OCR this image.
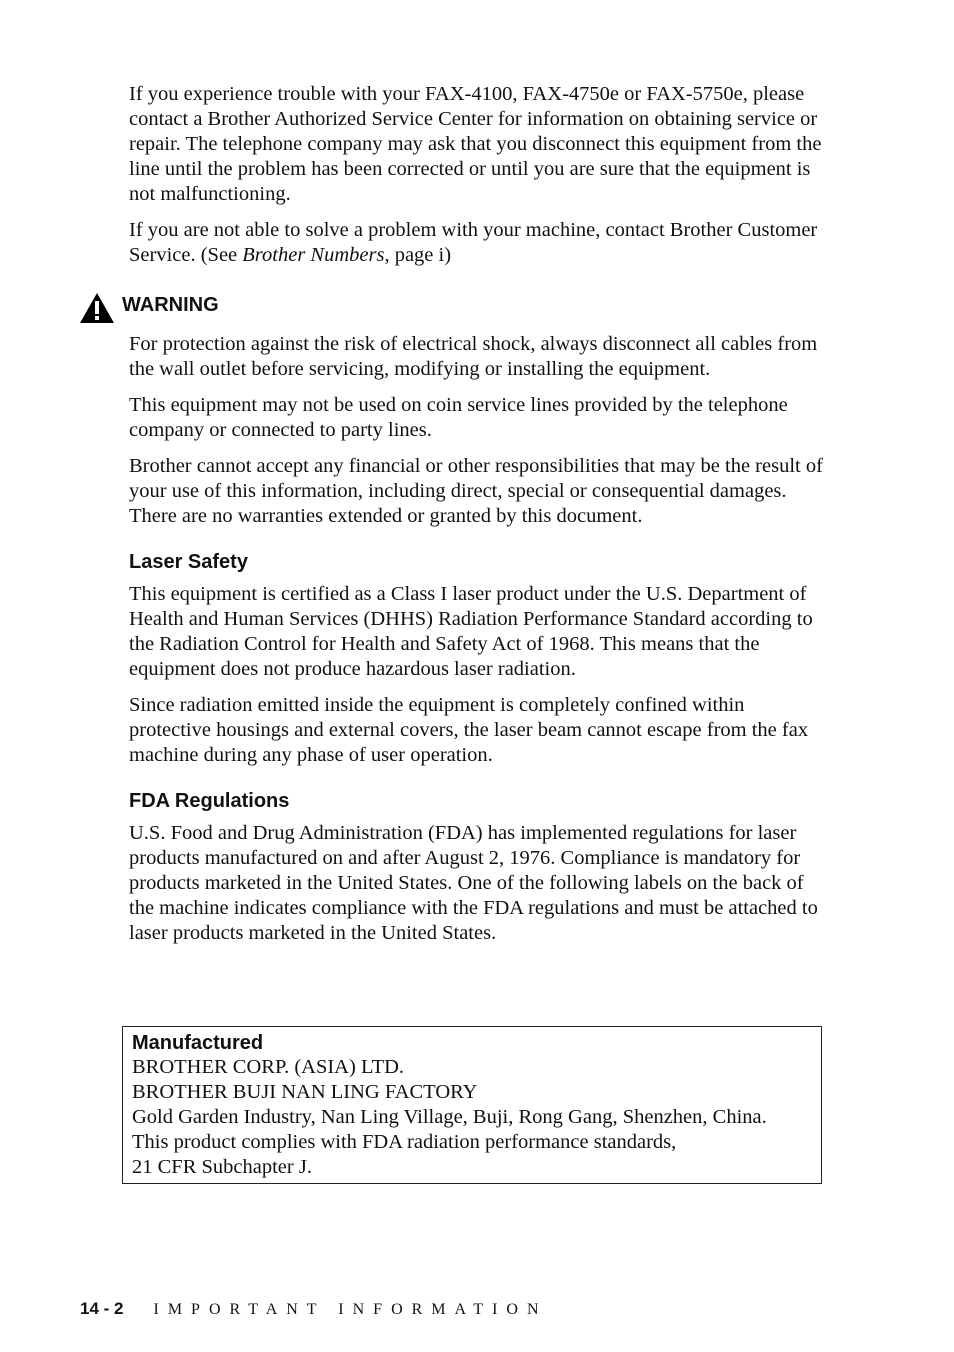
If you experience trouble with your FAX-4100, FAX-4750e or FAX-5750e, please contact a Brother Authorized Service Center for information on obtaining service or repair. The telephone company may ask that you disconnect this equipment from the line until the problem has been corrected or until you are sure that the equipment is not malfunctioning.

If you are not able to solve a problem with your machine, contact Brother Customer Service. (See Brother Numbers, page i)

WARNING

For protection against the risk of electrical shock, always disconnect all cables from the wall outlet before servicing, modifying or installing the equipment.

This equipment may not be used on coin service lines provided by the telephone company or connected to party lines.

Brother cannot accept any financial or other responsibilities that may be the result of your use of this information, including direct, special or consequential damages. There are no warranties extended or granted by this document.

Laser Safety

This equipment is certified as a Class I laser product under the U.S. Department of Health and Human Services (DHHS) Radiation Performance Standard according to the Radiation Control for Health and Safety Act of 1968. This means that the equipment does not produce hazardous laser radiation.

Since radiation emitted inside the equipment is completely confined within protective housings and external covers, the laser beam cannot escape from the fax machine during any phase of user operation.

FDA Regulations

U.S. Food and Drug Administration (FDA) has implemented regulations for laser products manufactured on and after August 2, 1976. Compliance is mandatory for products marketed in the United States. One of the following labels on the back of the machine indicates compliance with the FDA regulations and must be attached to laser products marketed in the United States.

Manufactured
BROTHER CORP. (ASIA) LTD.
BROTHER BUJI NAN LING FACTORY
Gold Garden Industry, Nan Ling Village, Buji, Rong Gang, Shenzhen, China.
This product complies with FDA radiation performance standards,
21 CFR Subchapter J.
14 - 2 IMPORTANT INFORMATION
